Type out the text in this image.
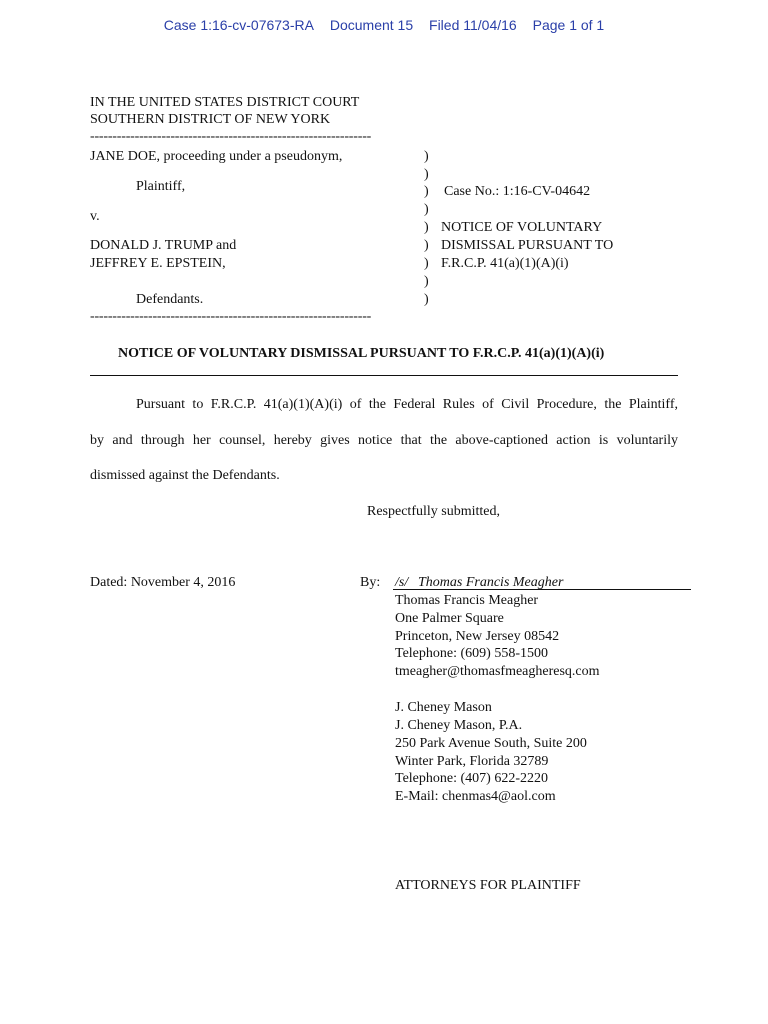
Case 1:16-cv-07673-RA Document 15 Filed 11/04/16 Page 1 of 1
IN THE UNITED STATES DISTRICT COURT
SOUTHERN DISTRICT OF NEW YORK
---------------------------------------------------------------
JANE DOE, proceeding under a pseudonym,
Plaintiff,
v.
DONALD J. TRUMP and
JEFFREY E. EPSTEIN,
Defendants.
---------------------------------------------------------------
)
)
)
)
)
)
)
)
)
Case No.: 1:16-CV-04642
NOTICE OF VOLUNTARY
DISMISSAL PURSUANT TO
F.R.C.P. 41(a)(1)(A)(i)
NOTICE OF VOLUNTARY DISMISSAL PURSUANT TO F.R.C.P. 41(a)(1)(A)(i)
Pursuant to F.R.C.P. 41(a)(1)(A)(i) of the Federal Rules of Civil Procedure, the Plaintiff,
by and through her counsel, hereby gives notice that the above-captioned action is voluntarily
dismissed against the Defendants.
Respectfully submitted,
Dated: November 4, 2016	By: /s/ Thomas Francis Meagher
Thomas Francis Meagher
One Palmer Square
Princeton, New Jersey 08542
Telephone: (609) 558-1500
tmeagher@thomasfmeagheresq.com
J. Cheney Mason
J. Cheney Mason, P.A.
250 Park Avenue South, Suite 200
Winter Park, Florida 32789
Telephone: (407) 622-2220
E-Mail: chenmas4@aol.com
ATTORNEYS FOR PLAINTIFF
